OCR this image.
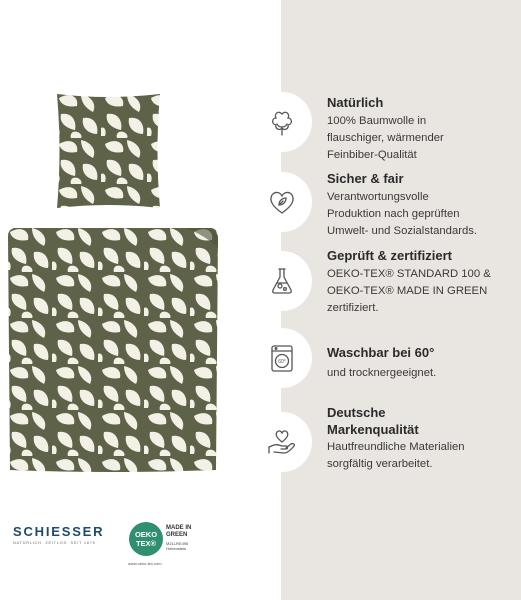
SCHIESSER
NATÜRLICH. ZEITLOS. SEIT 1875
OEKO
TEX®
MADE IN
GREEN
M21LRE495
Hohenstein
www.oeko-tex.com
Natürlich
100% Baumwolle in
flauschiger, wärmender
Feinbiber-Qualität
Sicher & fair
Verantwortungsvolle
Produktion nach geprüften
Umwelt- und Sozialstandards.
Geprüft & zertifiziert
OEKO-TEX® STANDARD 100 &
OEKO-TEX® MADE IN GREEN
zertifiziert.
60°
Waschbar bei 60°
und trocknergeeignet.
Deutsche
Markenqualität
Hautfreundliche Materialien
sorgfältig verarbeitet.
